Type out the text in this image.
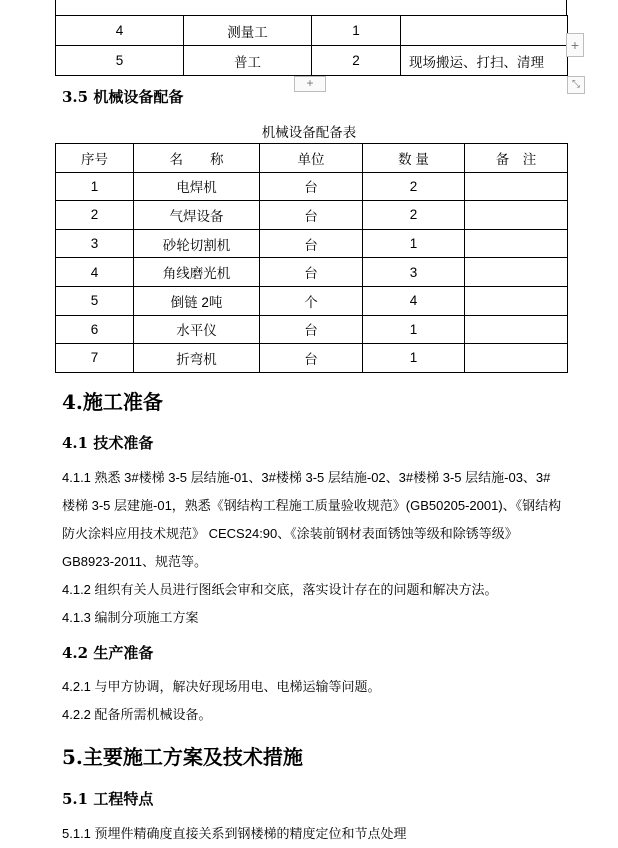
4	测量工	1	
5	普工	2	现场搬运、打扫、清理
+
+	⤡
3.5 机械设备配备
机械设备配备表
序号	名　　称	单位	数 量	备　注
1	电焊机	台	2	
2	气焊设备	台	2	
3	砂轮切割机	台	1	
4	角线磨光机	台	3	
5	倒链 2吨	个	4	
6	水平仪	台	1	
7	折弯机	台	1	
4.施工准备
4.1 技术准备
4.1.1 熟悉 3#楼梯 3-5 层结施-01、3#楼梯 3-5 层结施-02、3#楼梯 3-5 层结施-03、3#楼梯 3-5 层建施-01，熟悉《钢结构工程施工质量验收规范》(GB50205-2001)、《钢结构防火涂料应用技术规范》 CECS24:90、《涂装前钢材表面锈蚀等级和除锈等级》　GB8923-2011、规范等。
4.1.2 组织有关人员进行图纸会审和交底，落实设计存在的问题和解决方法。
4.1.3 编制分项施工方案
4.2 生产准备
4.2.1 与甲方协调，解决好现场用电、电梯运输等问题。
4.2.2 配备所需机械设备。
5.主要施工方案及技术措施
5.1 工程特点
5.1.1 预埋件精确度直接关系到钢楼梯的精度定位和节点处理
